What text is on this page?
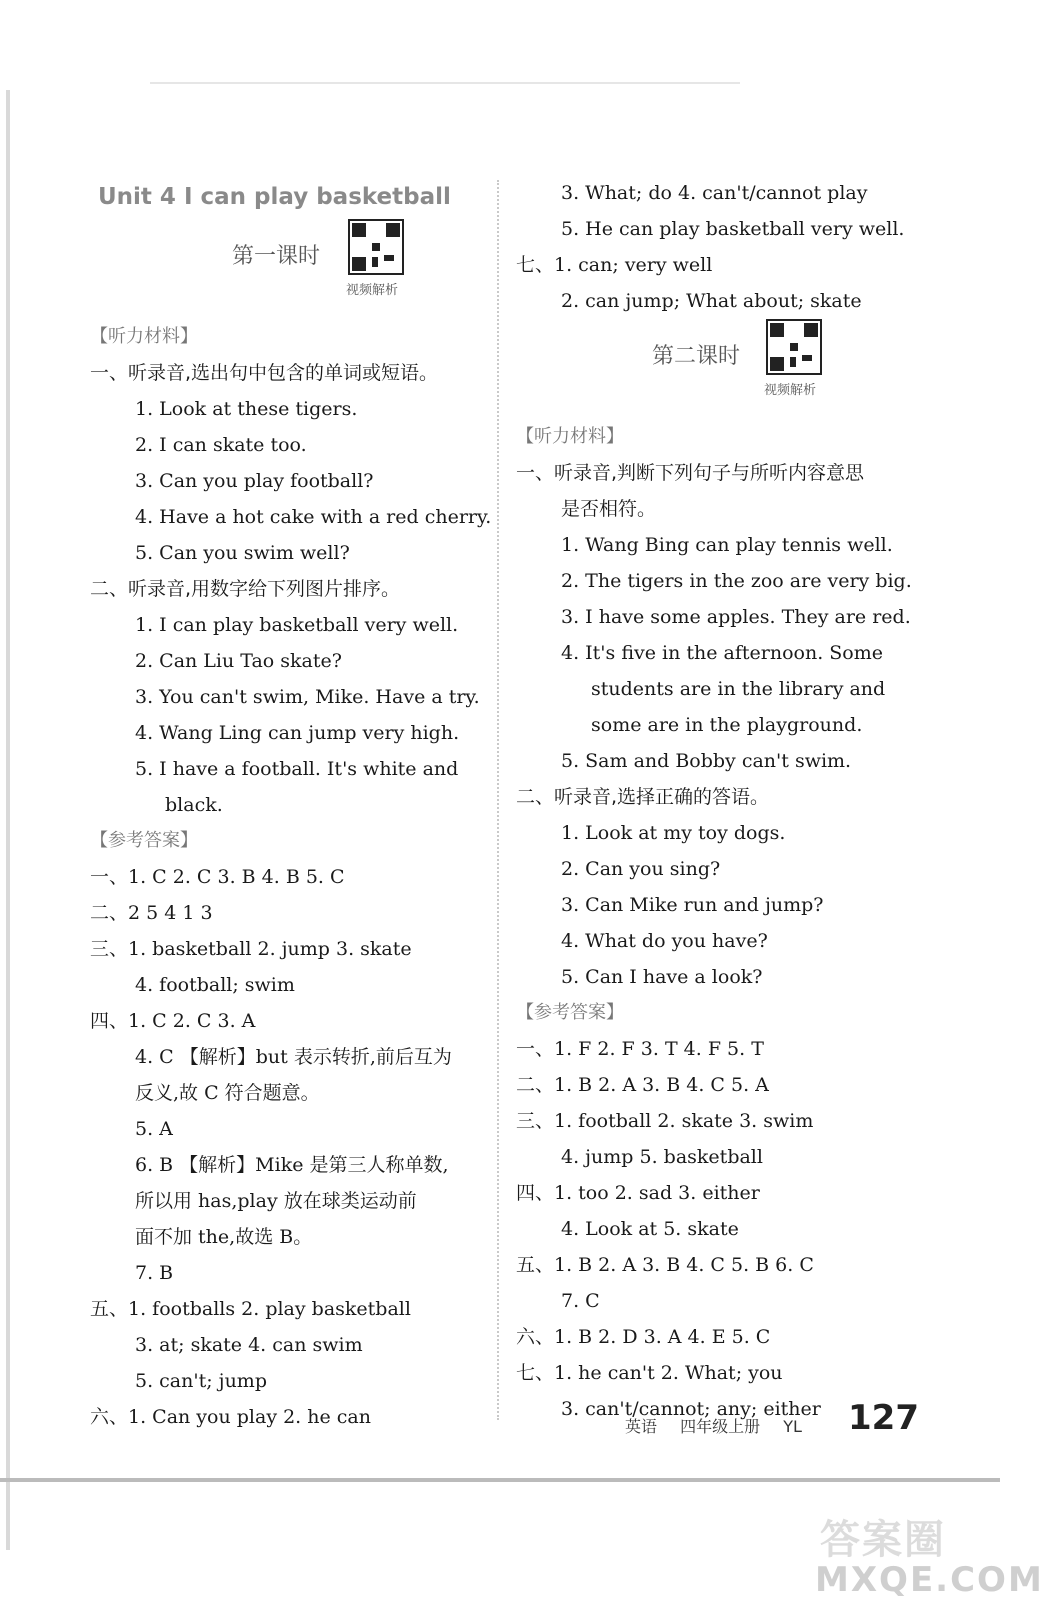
Unit 4 I can play basketball
第一课时
视频解析
【听力材料】
一、听录音,选出句中包含的单词或短语。
1. Look at these tigers.
2. I can skate too.
3. Can you play football?
4. Have a hot cake with a red cherry.
5. Can you swim well?
二、听录音,用数字给下列图片排序。
1. I can play basketball very well.
2. Can Liu Tao skate?
3. You can't swim, Mike. Have a try.
4. Wang Ling can jump very high.
5. I have a football. It's white and
black.
【参考答案】
一、1. C 2. C 3. B 4. B 5. C
二、2 5 4 1 3
三、1. basketball 2. jump 3. skate
4. football; swim
四、1. C 2. C 3. A
4. C 【解析】but 表示转折,前后互为
反义,故 C 符合题意。
5. A
6. B 【解析】Mike 是第三人称单数,
所以用 has,play 放在球类运动前
面不加 the,故选 B。
7. B
五、1. footballs 2. play basketball
3. at; skate 4. can swim
5. can't; jump
六、1. Can you play 2. he can
3. What; do 4. can't/cannot play
5. He can play basketball very well.
七、1. can; very well
2. can jump; What about; skate
第二课时
视频解析
【听力材料】
一、听录音,判断下列句子与所听内容意思
是否相符。
1. Wang Bing can play tennis well.
2. The tigers in the zoo are very big.
3. I have some apples. They are red.
4. It's five in the afternoon. Some
students are in the library and
some are in the playground.
5. Sam and Bobby can't swim.
二、听录音,选择正确的答语。
1. Look at my toy dogs.
2. Can you sing?
3. Can Mike run and jump?
4. What do you have?
5. Can I have a look?
【参考答案】
一、1. F 2. F 3. T 4. F 5. T
二、1. B 2. A 3. B 4. C 5. A
三、1. football 2. skate 3. swim
4. jump 5. basketball
四、1. too 2. sad 3. either
4. Look at 5. skate
五、1. B 2. A 3. B 4. C 5. B 6. C
7. C
六、1. B 2. D 3. A 4. E 5. C
七、1. he can't 2. What; you
3. can't/cannot; any; either
英语 四年级上册 YL	127
答案圈
MXQE.COM
